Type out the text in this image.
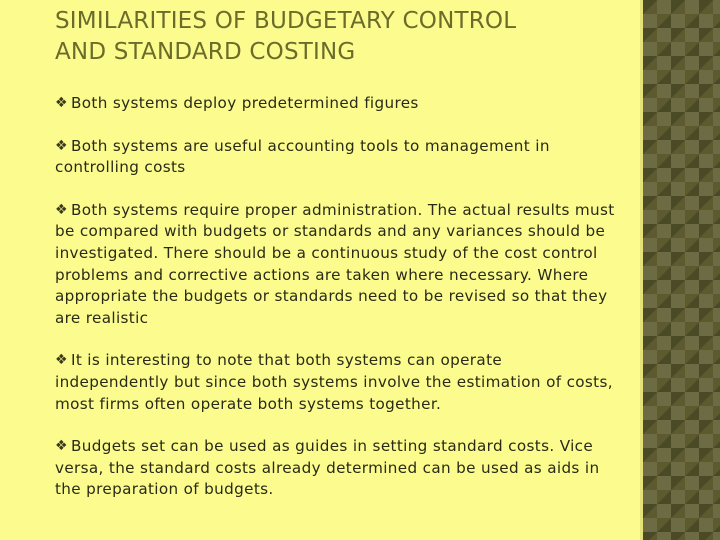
SIMILARITIES OF BUDGETARY CONTROL
AND STANDARD COSTING
❖ Both systems deploy predetermined figures
❖ Both systems are useful accounting tools to management in controlling costs
❖ Both systems require proper administration. The actual results must be compared with budgets or standards and any variances should be investigated. There should be a continuous study of the cost control problems and corrective actions are taken where necessary. Where appropriate the budgets or standards need to be revised so that they are realistic
❖ It is interesting to note that both systems can operate independently but since both systems involve the estimation of costs, most firms often operate both systems together.
❖ Budgets set can be used as guides in setting standard costs. Vice versa, the standard costs already determined can be used as aids in the preparation of budgets.
